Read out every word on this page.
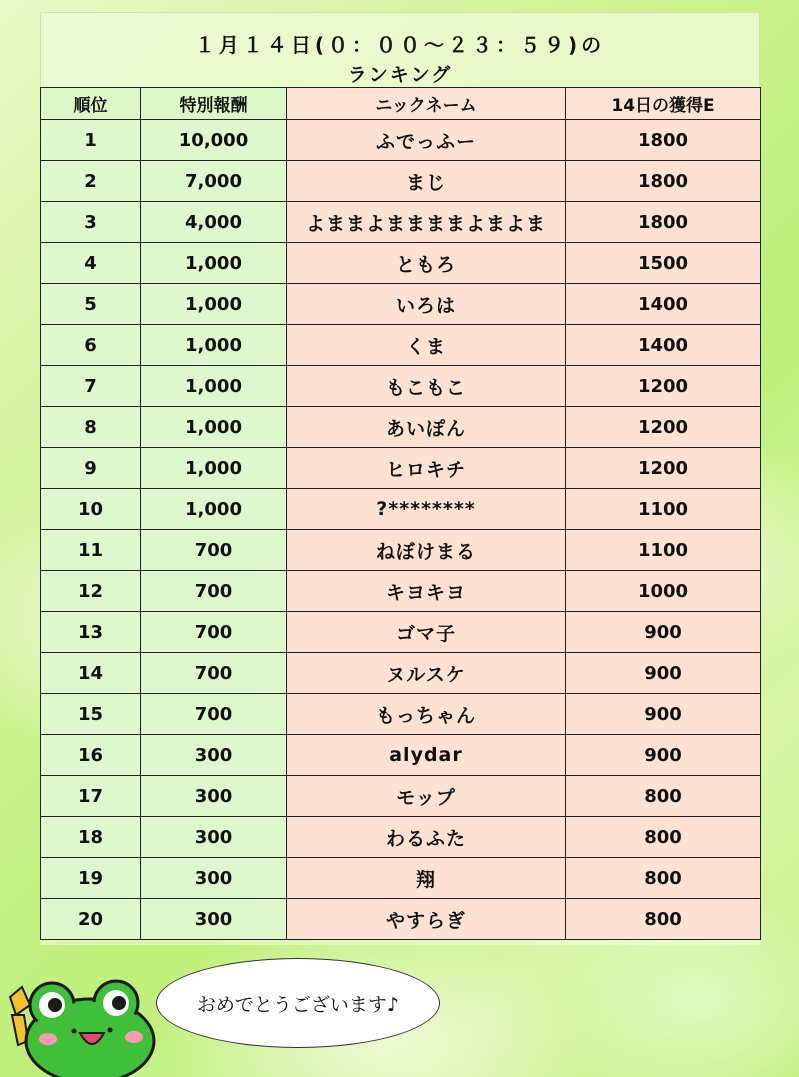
１月１４日(０：００～２３：５９)の
ランキング
順位	特別報酬	ニックネーム	14日の獲得E
1	10,000	ふでっふー	1800
2	7,000	まじ	1800
3	4,000	よままよままままよまよま	1800
4	1,000	ともろ	1500
5	1,000	いろは	1400
6	1,000	くま	1400
7	1,000	もこもこ	1200
8	1,000	あいぽん	1200
9	1,000	ヒロキチ	1200
10	1,000	?********	1100
11	700	ねぼけまる	1100
12	700	キヨキヨ	1000
13	700	ゴマ子	900
14	700	ヌルスケ	900
15	700	もっちゃん	900
16	300	alydar	900
17	300	モップ	800
18	300	わるふた	800
19	300	翔	800
20	300	やすらぎ	800
おめでとうございます♪
